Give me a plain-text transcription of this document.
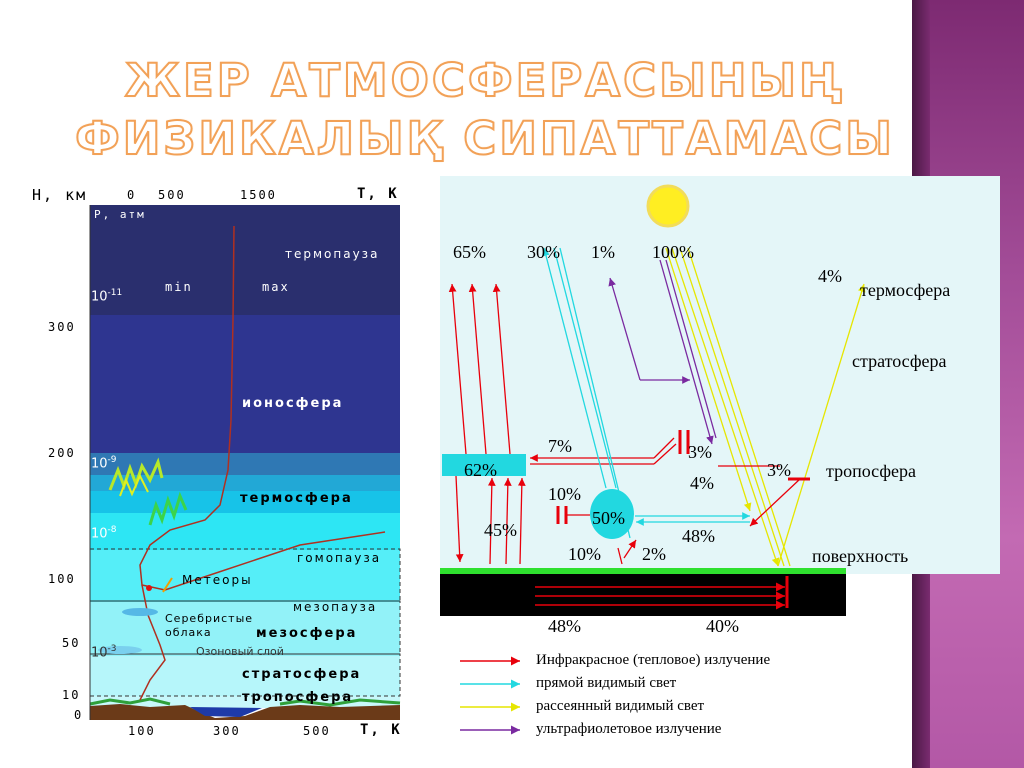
ЖЕР АТМОСФЕРАСЫНЫҢ
ФИЗИКАЛЫҚ СИПАТТАМАСЫ
H, км	T, K
0 500	1500
300
200
100
50
10
0
P, атм
$10^{-11}$
$10^{-9}$
$10^{-8}$
$10^{-3}$
min	max
термопауза
ионосфера
термосфера
гомопауза
Метеоры
мезопауза
Серебристые
облака	мезосфера
Озоновый слой
стратосфера
тропосфера
100	300	500 T, K
65% 30% 1% 100%
4%
7%	3%
3%
4%
62%
10%
45%
50%
48%
10% 2%
48%	40%
термосфера
стратосфера
тропосфера
поверхность
Инфракрасное (тепловое) излучение
прямой видимый свет
рассеянный видимый свет
ультрафиолетовое излучение
